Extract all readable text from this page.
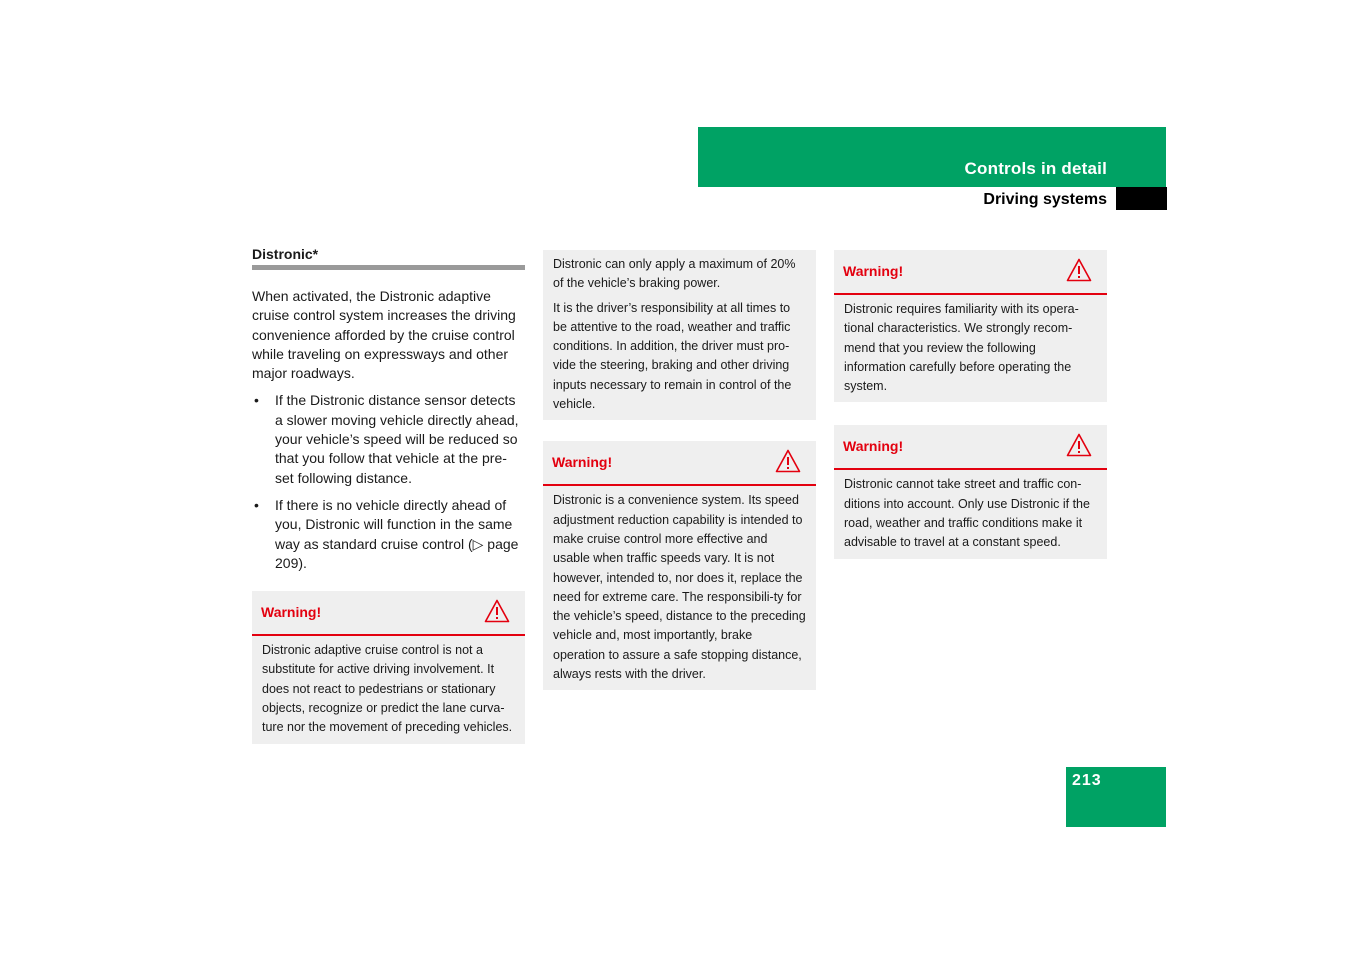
Controls in detail
Driving systems
Distronic*

When activated, the Distronic adaptive cruise control system increases the driving convenience afforded by the cruise control while traveling on expressways and other major roadways.

• If the Distronic distance sensor detects a slower moving vehicle directly ahead, your vehicle’s speed will be reduced so that you follow that vehicle at the pre-set following distance.
• If there is no vehicle directly ahead of you, Distronic will function in the same way as standard cruise control (▷ page 209).
Warning!
Distronic adaptive cruise control is not a substitute for active driving involvement. It does not react to pedestrians or stationary objects, recognize or predict the lane curva-ture nor the movement of preceding vehicles.

Distronic can only apply a maximum of 20% of the vehicle’s braking power.

It is the driver’s responsibility at all times to be attentive to the road, weather and traffic conditions. In addition, the driver must pro-vide the steering, braking and other driving inputs necessary to remain in control of the vehicle.

Warning!
Distronic is a convenience system. Its speed adjustment reduction capability is intended to make cruise control more effective and usable when traffic speeds vary. It is not however, intended to, nor does it, replace the need for extreme care. The responsibili-ty for the vehicle’s speed, distance to the preceding vehicle and, most importantly, brake operation to assure a safe stopping distance, always rests with the driver.
Warning!
Distronic requires familiarity with its opera-tional characteristics. We strongly recom-mend that you review the following information carefully before operating the system.
Warning!
Distronic cannot take street and traffic con-ditions into account. Only use Distronic if the road, weather and traffic conditions make it advisable to travel at a constant speed.
213
